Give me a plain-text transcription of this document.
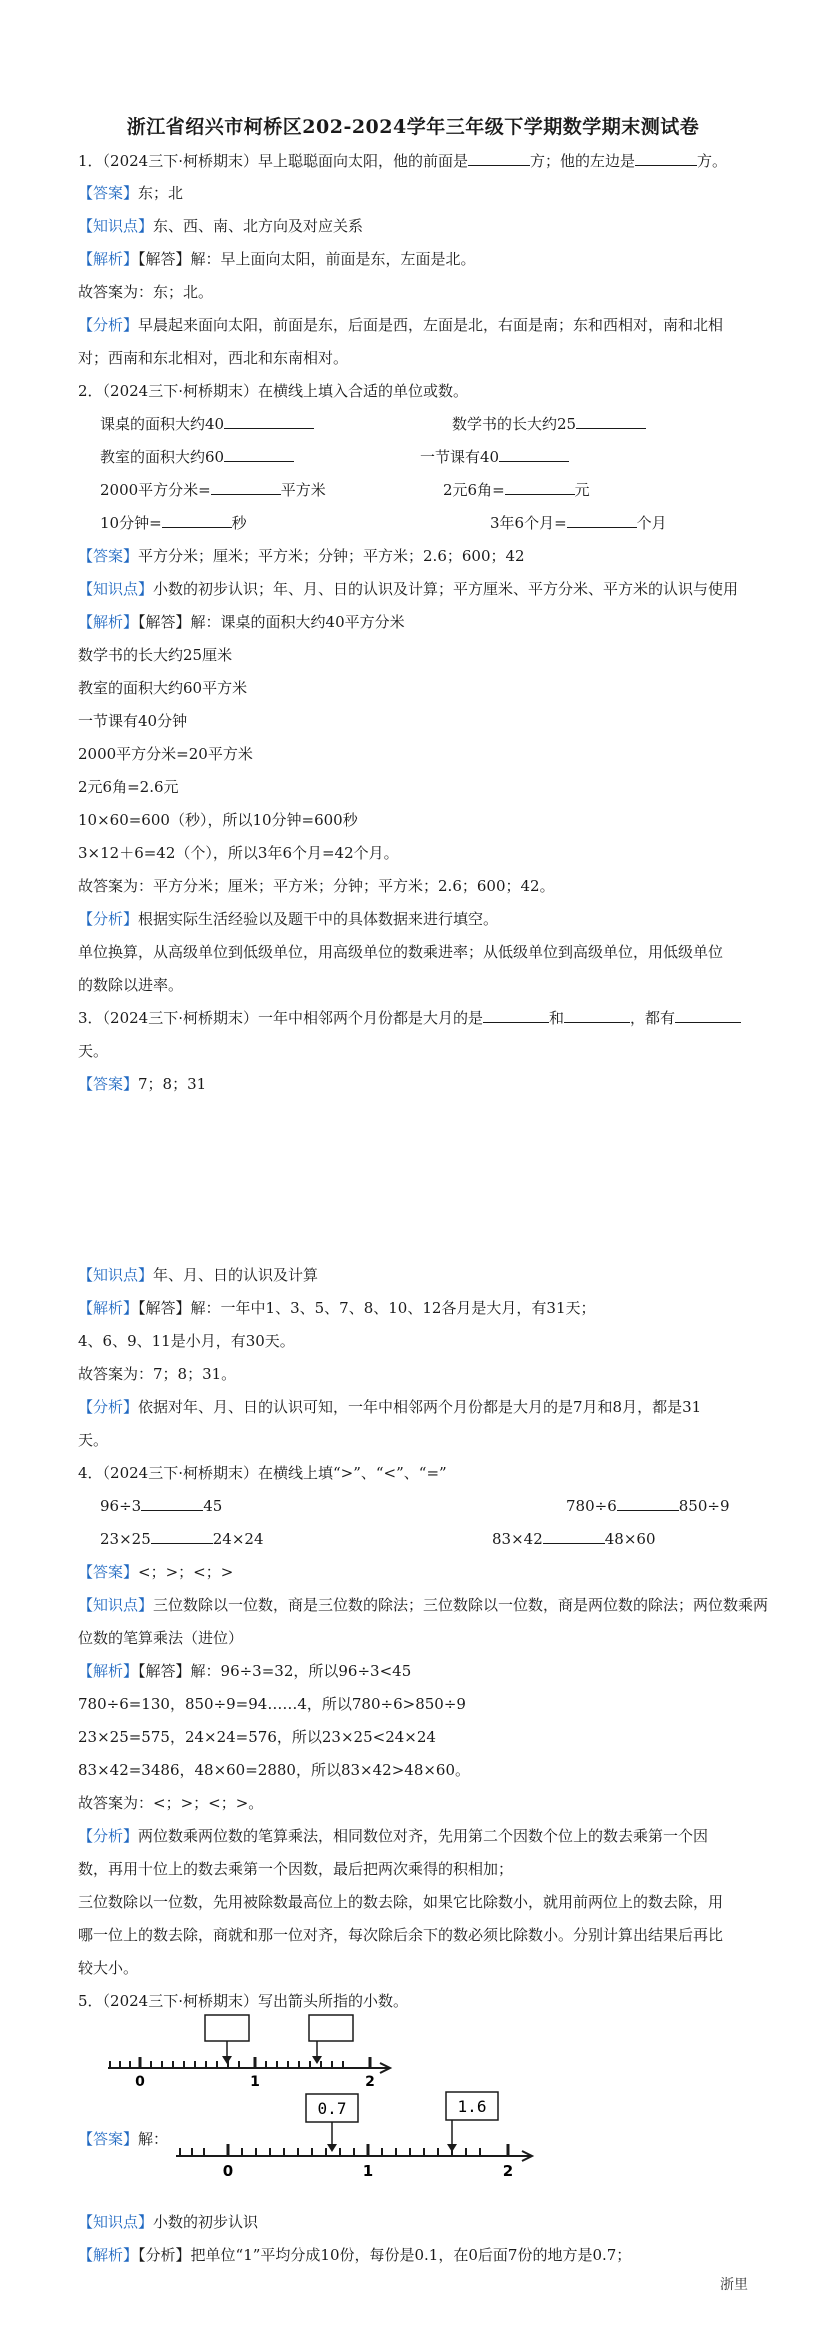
浙江省绍兴市柯桥区202-2024学年三年级下学期数学期末测试卷
1．（2024三下·柯桥期末）早上聪聪面向太阳，他的前面是	方；他的左边是	方。
【答案】东；北
【知识点】东、西、南、北方向及对应关系
【解析】【解答】解：早上面向太阳，前面是东，左面是北。
故答案为：东；北。
【分析】早晨起来面向太阳，前面是东，后面是西，左面是北，右面是南；东和西相对，南和北相
对；西南和东北相对，西北和东南相对。
2．（2024三下·柯桥期末）在横线上填入合适的单位或数。
课桌的面积大约40	数学书的长大约25
教室的面积大约60	一节课有40
2000平方分米=	平方米	2元6角=	元
10分钟=	秒	3年6个月=	个月
【答案】平方分米；厘米；平方米；分钟；平方米；2.6；600；42
【知识点】小数的初步认识；年、月、日的认识及计算；平方厘米、平方分米、平方米的认识与使用
【解析】【解答】解：课桌的面积大约40平方分米
数学书的长大约25厘米
教室的面积大约60平方米
一节课有40分钟
2000平方分米=20平方米
2元6角=2.6元
10×60=600（秒），所以10分钟=600秒
3×12＋6=42（个），所以3年6个月=42个月。
故答案为：平方分米；厘米；平方米；分钟；平方米；2.6；600；42。
【分析】根据实际生活经验以及题干中的具体数据来进行填空。
单位换算，从高级单位到低级单位，用高级单位的数乘进率；从低级单位到高级单位，用低级单位
的数除以进率。
3．（2024三下·柯桥期末）一年中相邻两个月份都是大月的是	和	，都有
天。
【答案】7；8；31
【知识点】年、月、日的认识及计算
【解析】【解答】解：一年中1、3、5、7、8、10、12各月是大月，有31天；
4、6、9、11是小月，有30天。
故答案为：7；8；31。
【分析】依据对年、月、日的认识可知，一年中相邻两个月份都是大月的是7月和8月，都是31
天。
4．（2024三下·柯桥期末）在横线上填“>”、“<”、“=”
96÷3	45	780÷6	850÷9
23×25	24×24	83×42	48×60
【答案】<；>；<；>
【知识点】三位数除以一位数，商是三位数的除法；三位数除以一位数，商是两位数的除法；两位数乘两
位数的笔算乘法（进位）
【解析】【解答】解：96÷3=32，所以96÷3<45
780÷6=130，850÷9=94……4，所以780÷6>850÷9
23×25=575，24×24=576，所以23×25<24×24
83×42=3486，48×60=2880，所以83×42>48×60。
故答案为：<；>；<；>。
【分析】两位数乘两位数的笔算乘法，相同数位对齐，先用第二个因数个位上的数去乘第一个因
数，再用十位上的数去乘第一个因数，最后把两次乘得的积相加；
三位数除以一位数，先用被除数最高位上的数去除，如果它比除数小，就用前两位上的数去除，用
哪一位上的数去除，商就和那一位对齐，每次除后余下的数必须比除数小。分别计算出结果后再比
较大小。
5．（2024三下·柯桥期末）写出箭头所指的小数。
0	1	2
【答案】解：
0.7	1.6
0	1	2
【知识点】小数的初步认识
【解析】【分析】把单位“1”平均分成10份，每份是0.1，在0后面7份的地方是0.7；
浙里
